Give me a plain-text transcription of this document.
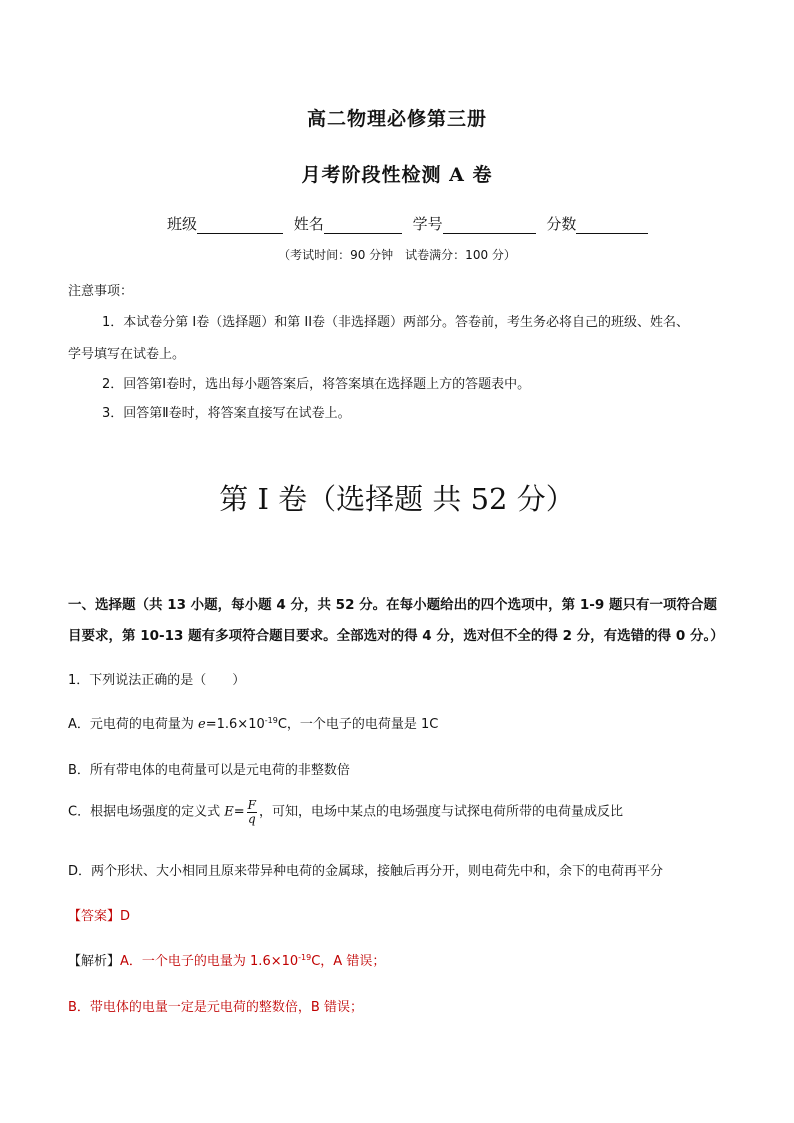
高二物理必修第三册
月考阶段性检测 A 卷
班级	姓名	学号	分数
（考试时间：90 分钟　试卷满分：100 分）
注意事项：
1．本试卷分第 I卷（选择题）和第 II卷（非选择题）两部分。答卷前，考生务必将自己的班级、姓名、
学号填写在试卷上。
2．回答第Ⅰ卷时，选出每小题答案后，将答案填在选择题上方的答题表中。
3．回答第Ⅱ卷时，将答案直接写在试卷上。
第 I 卷（选择题 共 52 分）
一、选择题（共 13 小题，每小题 4 分，共 52 分。在每小题给出的四个选项中，第 1-9 题只有一项符合题
目要求，第 10-13 题有多项符合题目要求。全部选对的得 4 分，选对但不全的得 2 分，有选错的得 0 分。）
1．下列说法正确的是（　　）
A．元电荷的电荷量为 $e=1.6\times 10^{-19}C$，一个电子的电荷量是 1C
B．所有带电体的电荷量可以是元电荷的非整数倍
C．根据电场强度的定义式 $E= \frac{F}{q}$ ，可知，电场中某点的电场强度与试探电荷所带的电荷量成反比
D．两个形状、大小相同且原来带异种电荷的金属球，接触后再分开，则电荷先中和，余下的电荷再平分
【答案】D
【解析】A．一个电子的电量为 $1.6\times 10^{-19}C$，A 错误；
B．带电体的电量一定是元电荷的整数倍，B 错误；
